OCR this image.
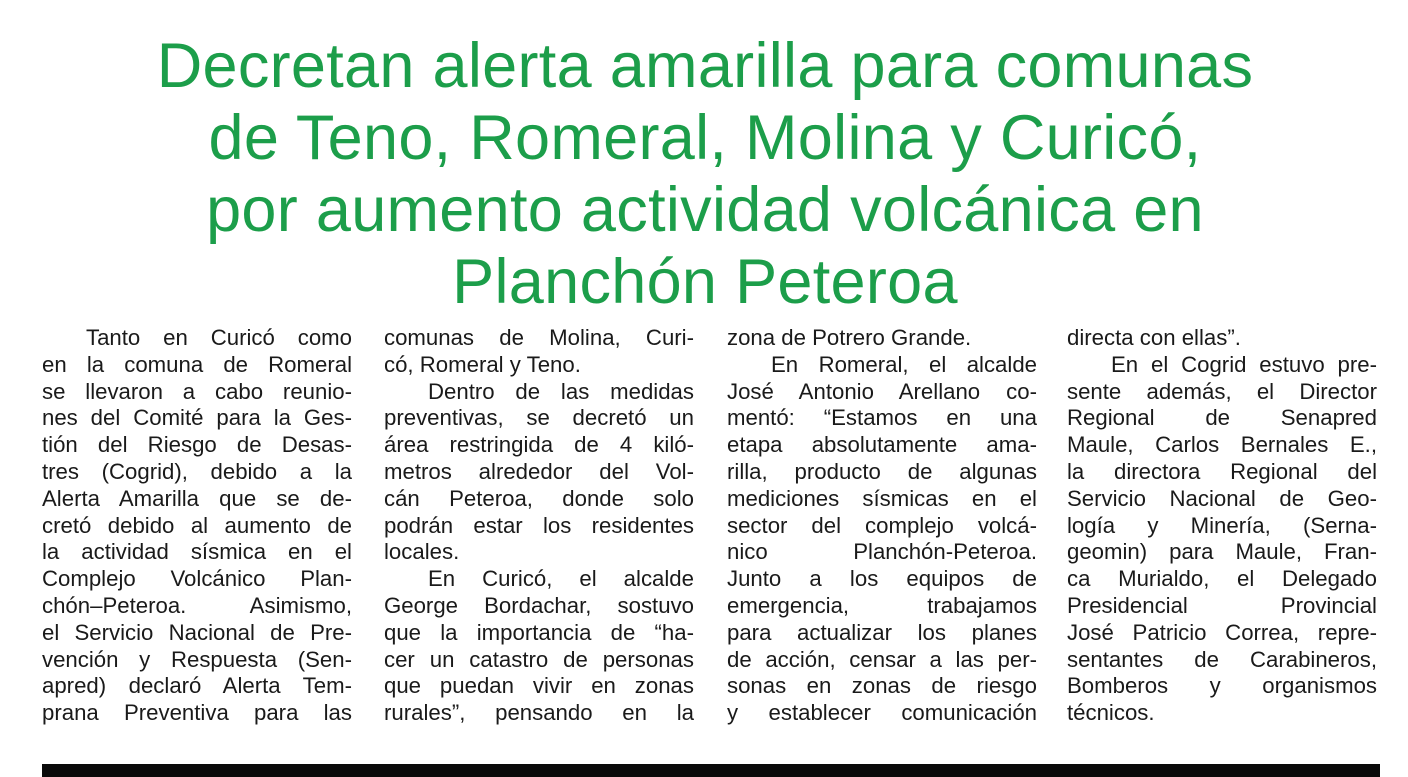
Decretan alerta amarilla para comunas
de Teno, Romeral, Molina y Curicó,
por aumento actividad volcánica en
Planchón Peteroa
Tanto en Curicó como
en la comuna de Romeral
se llevaron a cabo reunio-
nes del Comité para la Ges-
tión del Riesgo de Desas-
tres (Cogrid), debido a la
Alerta Amarilla que se de-
cretó debido al aumento de
la actividad sísmica en el
Complejo Volcánico Plan-
chón–Peteroa. Asimismo,
el Servicio Nacional de Pre-
vención y Respuesta (Sen-
apred) declaró Alerta Tem-
prana Preventiva para las
comunas de Molina, Curi-
có, Romeral y Teno.
Dentro de las medidas
preventivas, se decretó un
área restringida de 4 kiló-
metros alrededor del Vol-
cán Peteroa, donde solo
podrán estar los residentes
locales.
En Curicó, el alcalde
George Bordachar, sostuvo
que la importancia de “ha-
cer un catastro de personas
que puedan vivir en zonas
rurales”, pensando en la
zona de Potrero Grande.
En Romeral, el alcalde
José Antonio Arellano co-
mentó: “Estamos en una
etapa absolutamente ama-
rilla, producto de algunas
mediciones sísmicas en el
sector del complejo volcá-
nico Planchón-Peteroa.
Junto a los equipos de
emergencia, trabajamos
para actualizar los planes
de acción, censar a las per-
sonas en zonas de riesgo
y establecer comunicación
directa con ellas”.
En el Cogrid estuvo pre-
sente además, el Director
Regional de Senapred
Maule, Carlos Bernales E.,
la directora Regional del
Servicio Nacional de Geo-
logía y Minería, (Serna-
geomin) para Maule, Fran-
ca Murialdo, el Delegado
Presidencial Provincial
José Patricio Correa, repre-
sentantes de Carabineros,
Bomberos y organismos
técnicos.
